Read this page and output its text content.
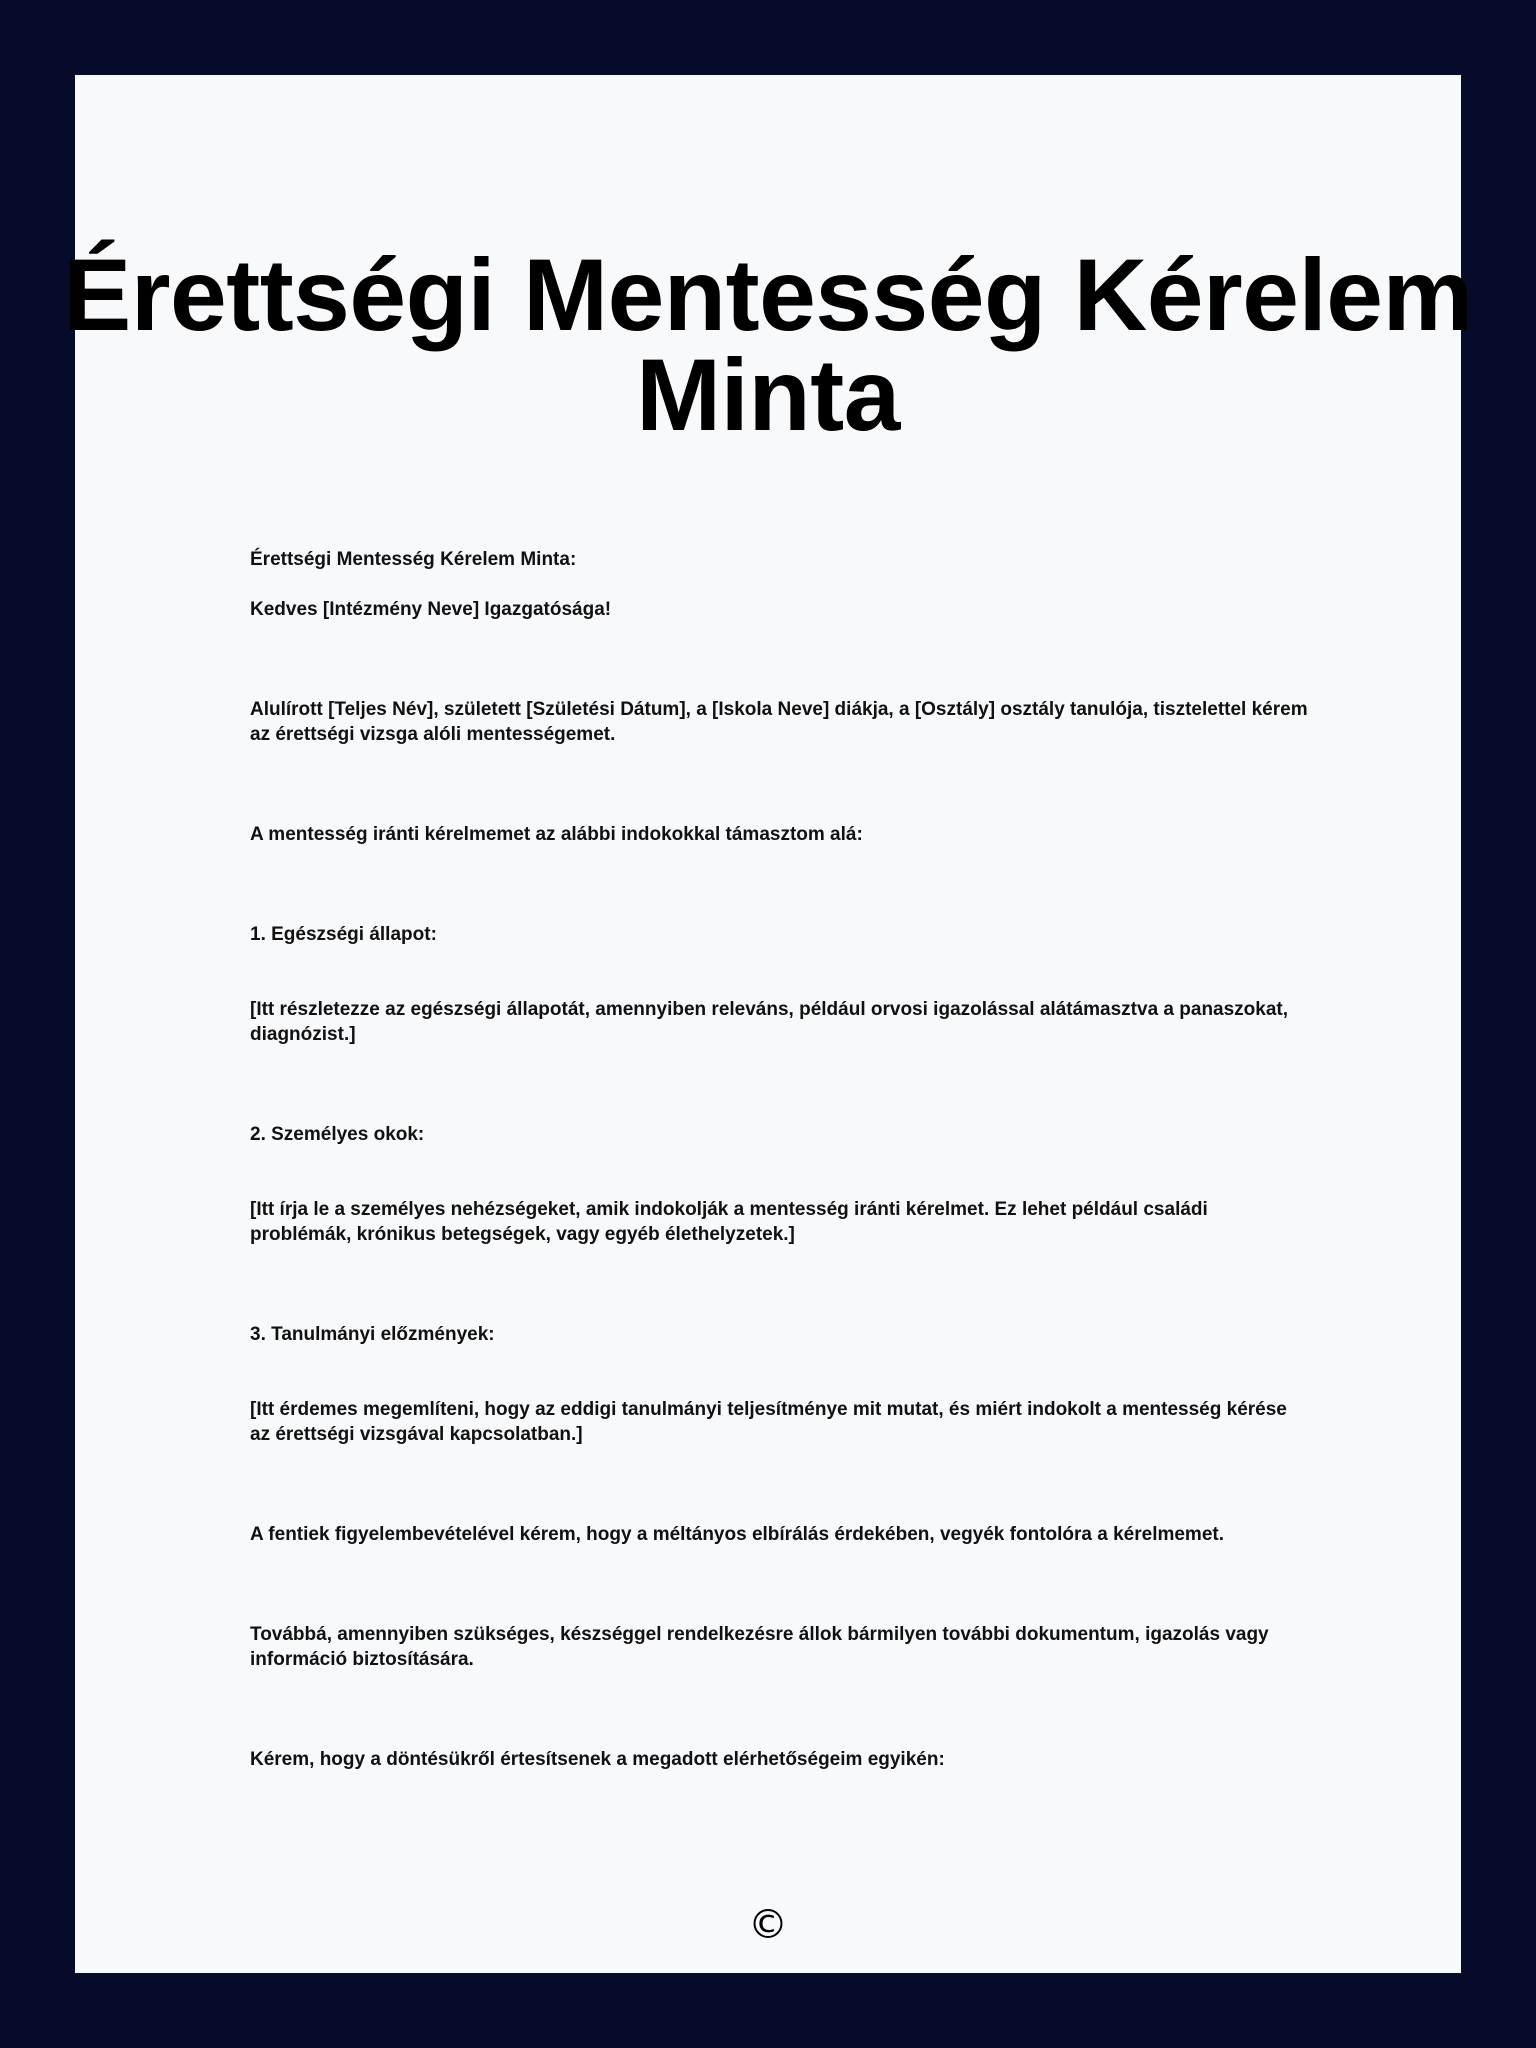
Érettségi Mentesség Kérelem Minta

Érettségi Mentesség Kérelem Minta:

Kedves [Intézmény Neve] Igazgatósága!

Alulírott [Teljes Név], született [Születési Dátum], a [Iskola Neve] diákja, a [Osztály] osztály tanulója, tisztelettel kérem az érettségi vizsga alóli mentességemet.

A mentesség iránti kérelmemet az alábbi indokokkal támasztom alá:

1. Egészségi állapot:

[Itt részletezze az egészségi állapotát, amennyiben releváns, például orvosi igazolással alátámasztva a panaszokat, diagnózist.]

2. Személyes okok:

[Itt írja le a személyes nehézségeket, amik indokolják a mentesség iránti kérelmet. Ez lehet például családi problémák, krónikus betegségek, vagy egyéb élethelyzetek.]

3. Tanulmányi előzmények:

[Itt érdemes megemlíteni, hogy az eddigi tanulmányi teljesítménye mit mutat, és miért indokolt a mentesség kérése az érettségi vizsgával kapcsolatban.]

A fentiek figyelembevételével kérem, hogy a méltányos elbírálás érdekében, vegyék fontolóra a kérelmemet.

Továbbá, amennyiben szükséges, készséggel rendelkezésre állok bármilyen további dokumentum, igazolás vagy információ biztosítására.

Kérem, hogy a döntésükről értesítsenek a megadott elérhetőségeim egyikén:

©
